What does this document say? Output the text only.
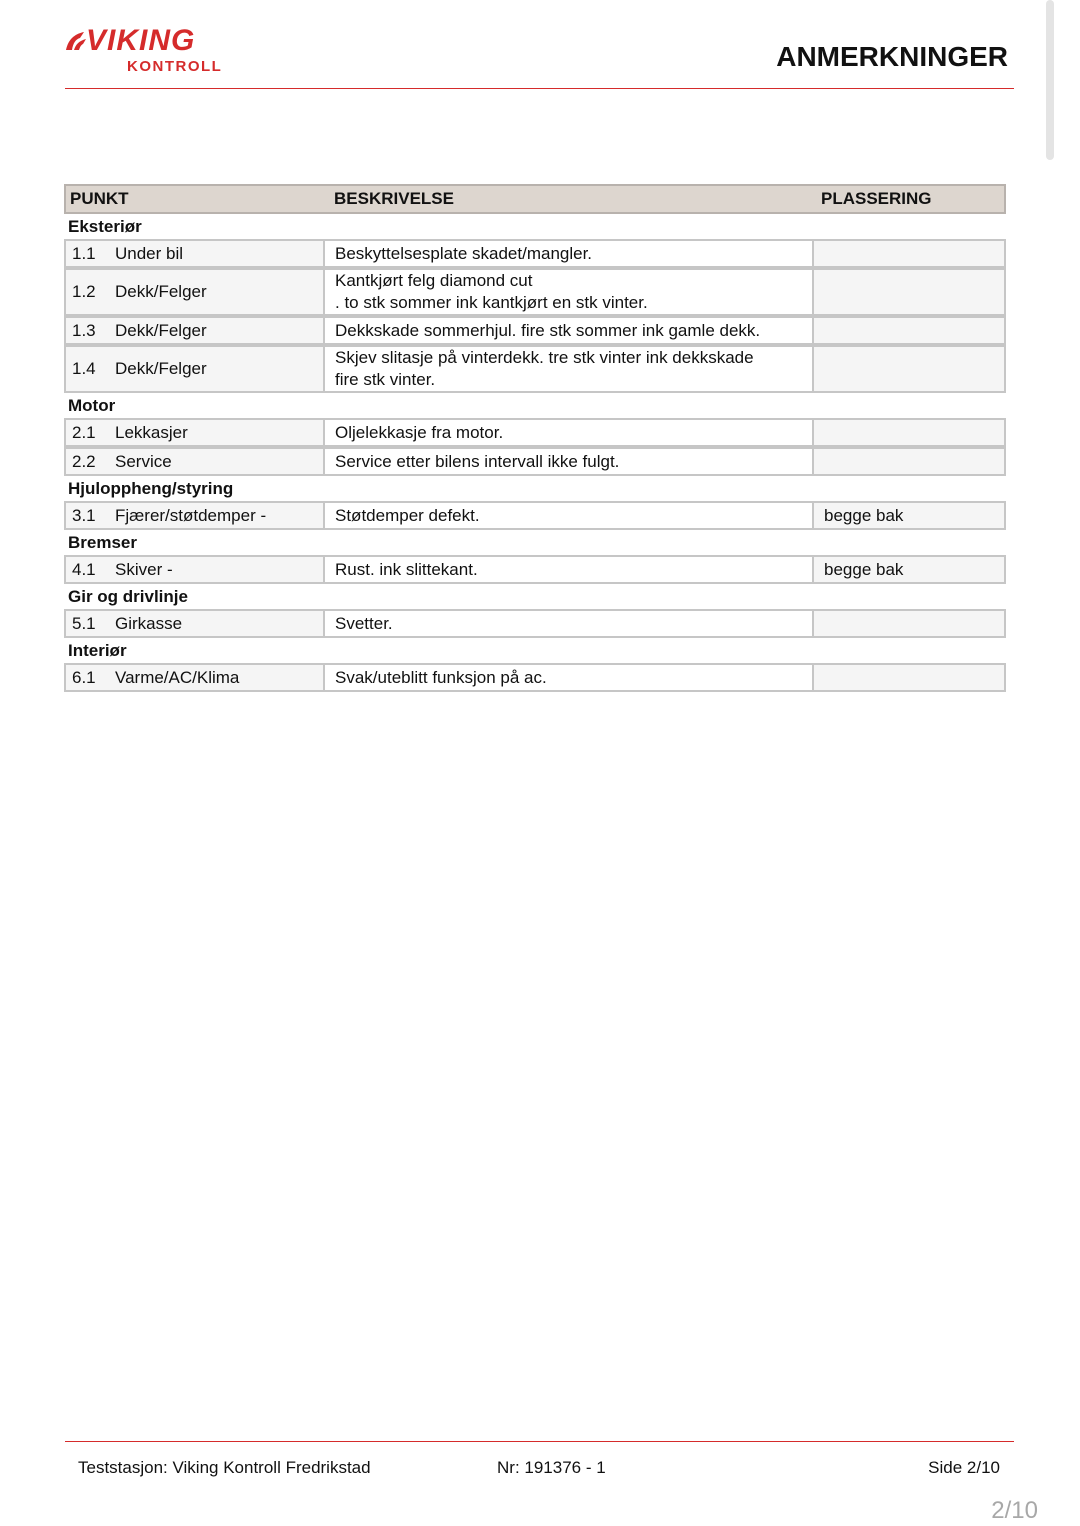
VIKING
KONTROLL	ANMERKNINGER
PUNKT	BESKRIVELSE	PLASSERING
Eksteriør		
1.1 Under bil	Beskyttelsesplate skadet/mangler.	

1.2 Dekk/Felger	Kantkjørt felg diamond cut
. to stk sommer ink kantkjørt en stk vinter.	

1.3 Dekk/Felger	Dekkskade sommerhjul. fire stk sommer ink gamle dekk.	

1.4 Dekk/Felger	Skjev slitasje på vinterdekk. tre stk vinter ink dekkskade
fire stk vinter.	

Motor		
2.1 Lekkasjer	Oljelekkasje fra motor.	

2.2 Service	Service etter bilens intervall ikke fulgt.	

Hjuloppheng/styring		
3.1 Fjærer/støtdemper -	Støtdemper defekt.	begge bak
Bremser		
4.1 Skiver -	Rust. ink slittekant.	begge bak
Gir og drivlinje		
5.1 Girkasse	Svetter.	

Interiør		
6.1 Varme/AC/Klima	Svak/uteblitt funksjon på ac.	

Teststasjon: Viking Kontroll Fredrikstad	Nr: 191376 - 1	Side 2/10
2/10
